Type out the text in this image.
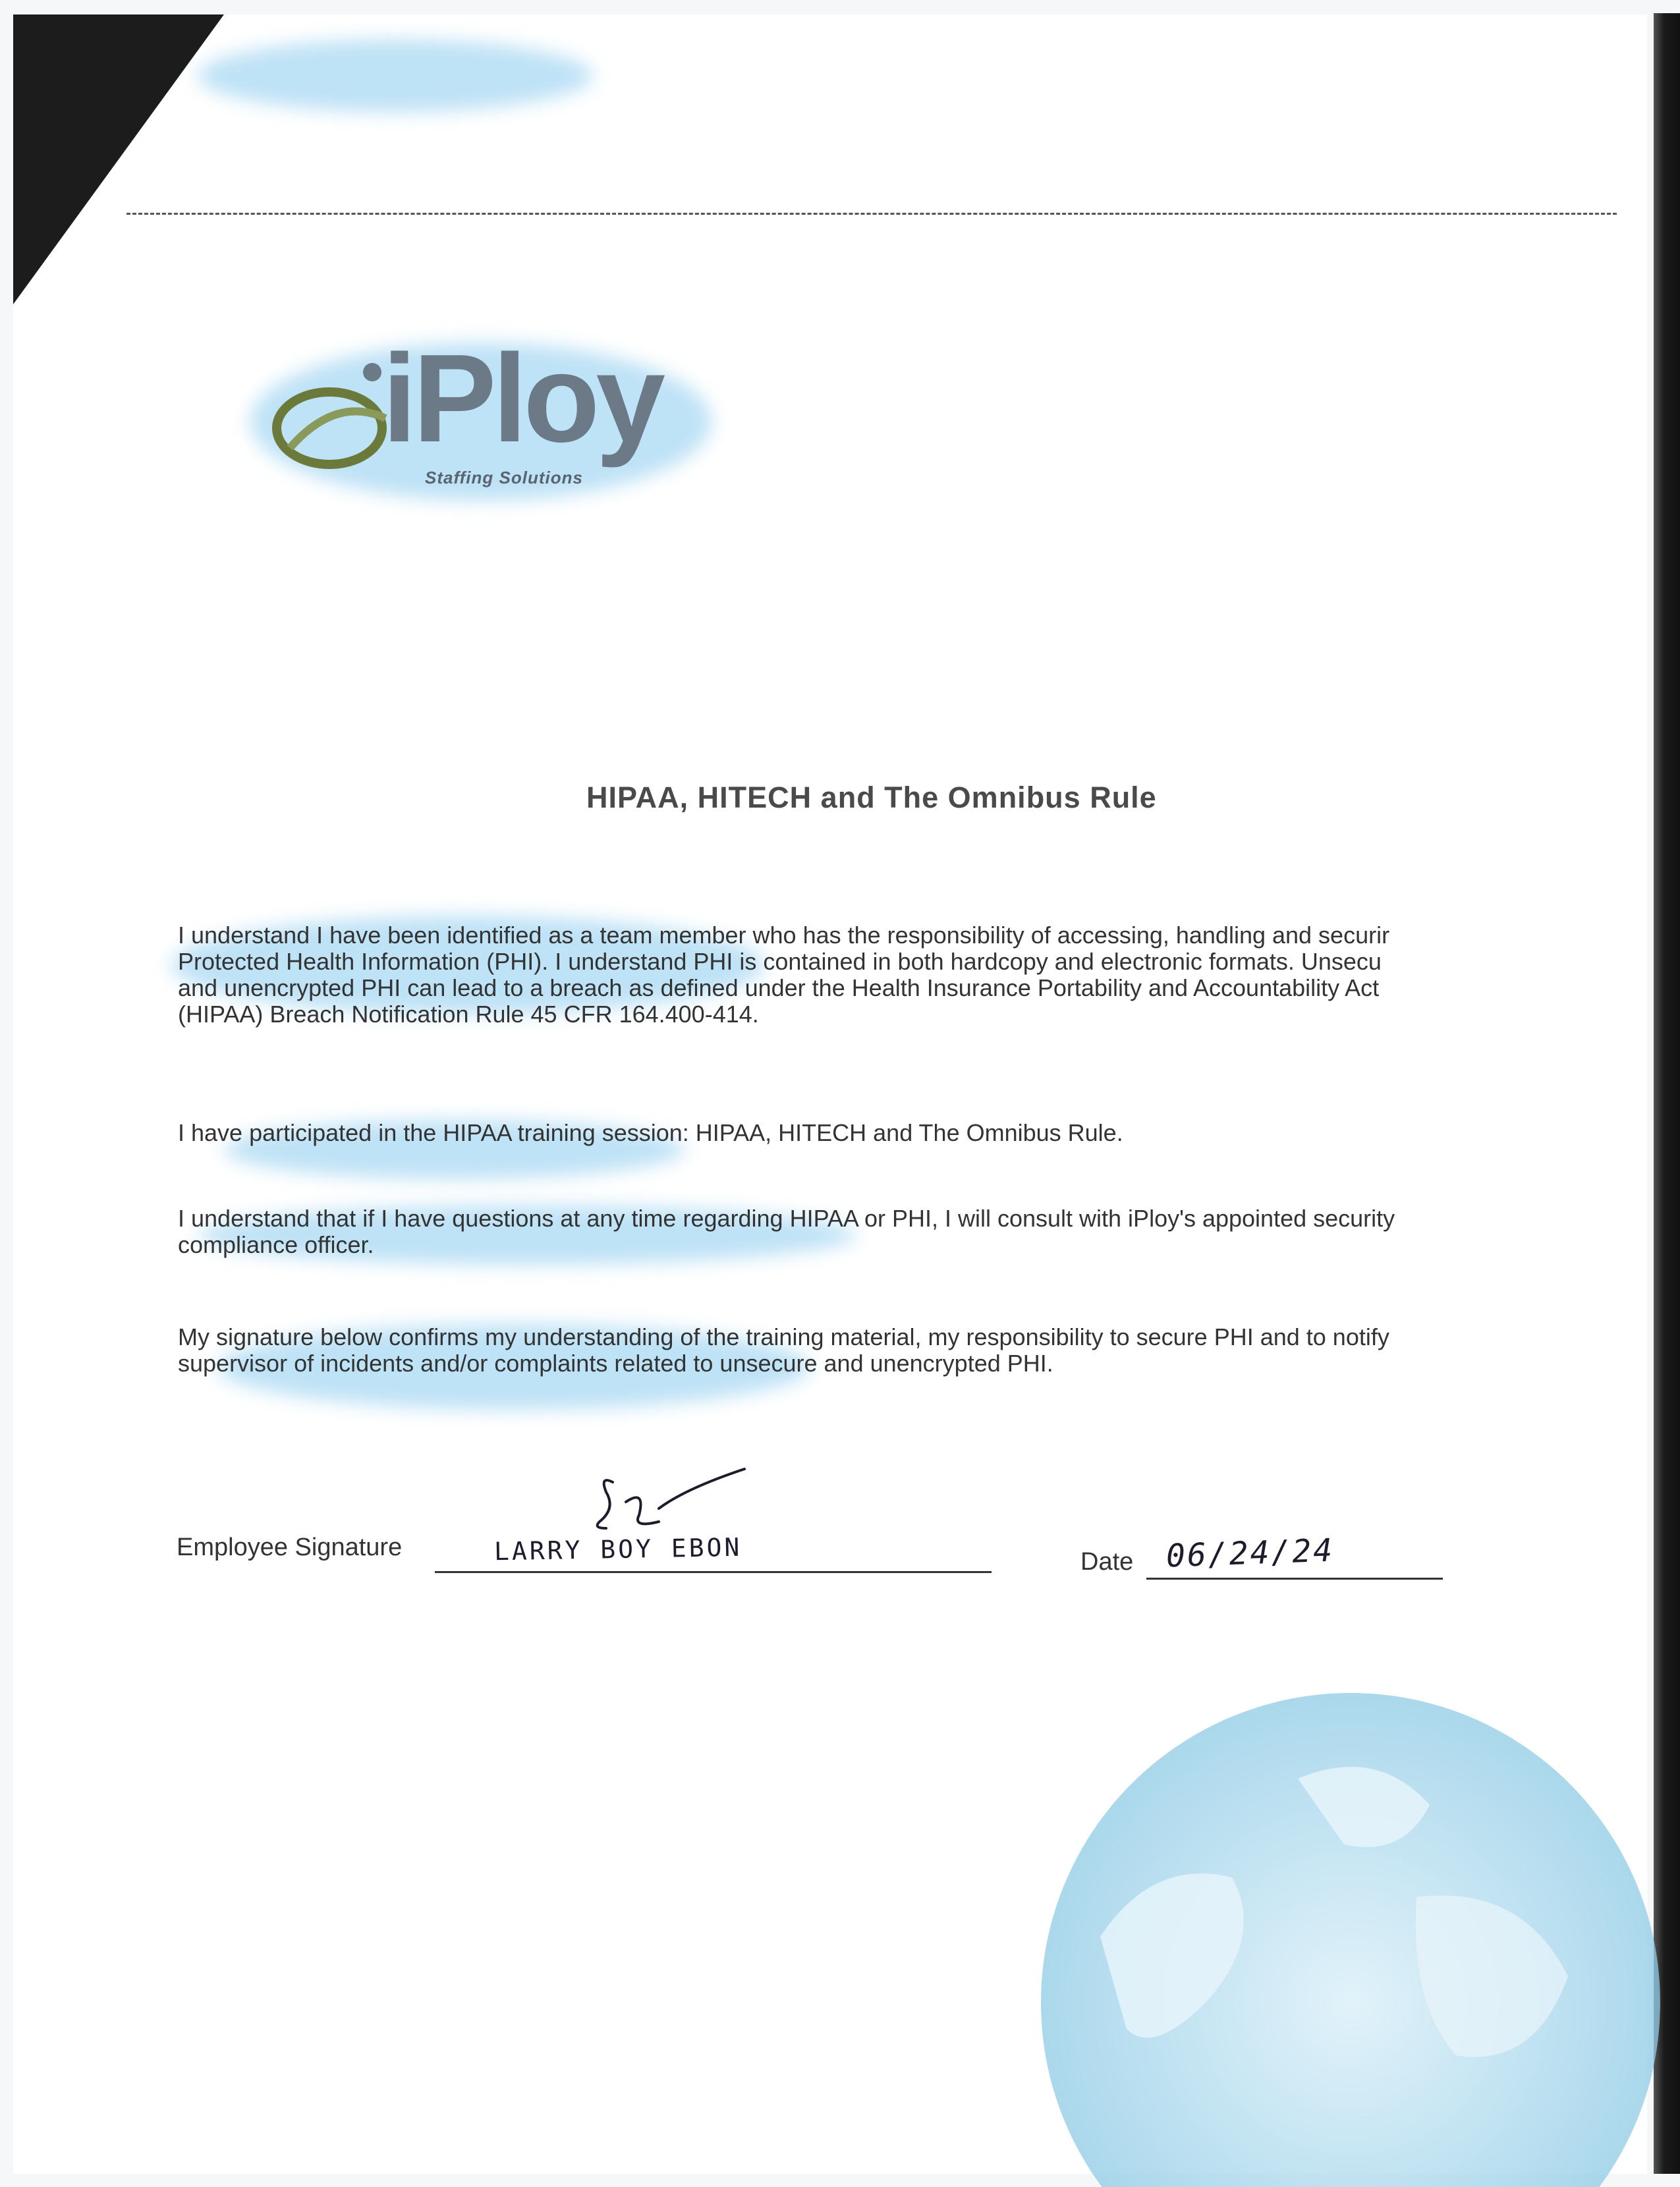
iPloy
Staffing Solutions
HIPAA, HITECH and The Omnibus Rule
I understand I have been identified as a team member who has the responsibility of accessing, handling and securir
Protected Health Information (PHI). I understand PHI is contained in both hardcopy and electronic formats. Unsecu
and unencrypted PHI can lead to a breach as defined under the Health Insurance Portability and Accountability Act
(HIPAA) Breach Notification Rule 45 CFR 164.400-414.
I have participated in the HIPAA training session: HIPAA, HITECH and The Omnibus Rule.
I understand that if I have questions at any time regarding HIPAA or PHI, I will consult with iPloy's appointed security
compliance officer.
My signature below confirms my understanding of the training material, my responsibility to secure PHI and to notify
supervisor of incidents and/or complaints related to unsecure and unencrypted PHI.
Employee Signature	LARRY BOY EBON	Date 06/24/24
